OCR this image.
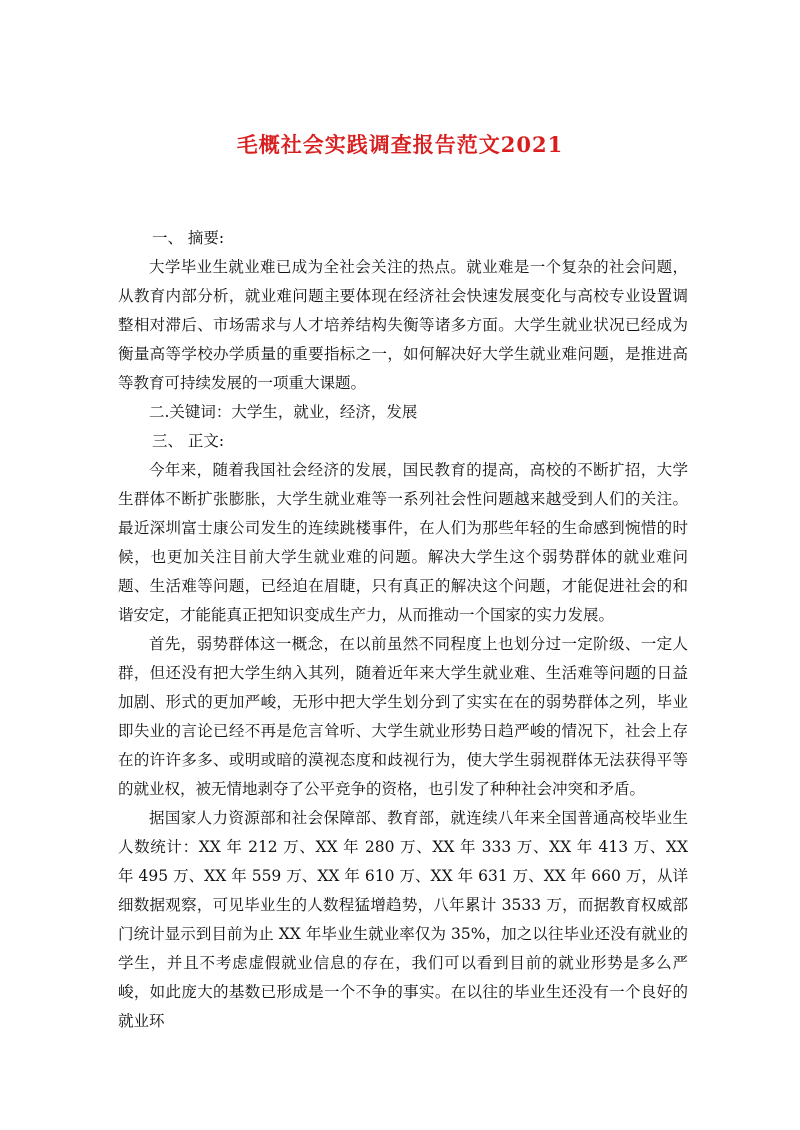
毛概社会实践调查报告范文2021

一、 摘要:

大学毕业生就业难已成为全社会关注的热点。就业难是一个复杂的社会问题，从教育内部分析，就业难问题主要体现在经济社会快速发展变化与高校专业设置调整相对滞后、市场需求与人才培养结构失衡等诸多方面。大学生就业状况已经成为衡量高等学校办学质量的重要指标之一，如何解决好大学生就业难问题，是推进高等教育可持续发展的一项重大课题。

二.关键词：大学生，就业，经济，发展

三、 正文:

今年来，随着我国社会经济的发展，国民教育的提高，高校的不断扩招，大学生群体不断扩张膨胀，大学生就业难等一系列社会性问题越来越受到人们的关注。最近深圳富士康公司发生的连续跳楼事件，在人们为那些年轻的生命感到惋惜的时候，也更加关注目前大学生就业难的问题。解决大学生这个弱势群体的就业难问题、生活难等问题，已经迫在眉睫，只有真正的解决这个问题，才能促进社会的和谐安定，才能能真正把知识变成生产力，从而推动一个国家的实力发展。

首先，弱势群体这一概念，在以前虽然不同程度上也划分过一定阶级、一定人群，但还没有把大学生纳入其列，随着近年来大学生就业难、生活难等问题的日益加剧、形式的更加严峻，无形中把大学生划分到了实实在在的弱势群体之列，毕业即失业的言论已经不再是危言耸听、大学生就业形势日趋严峻的情况下，社会上存在的许许多多、或明或暗的漠视态度和歧视行为，使大学生弱视群体无法获得平等的就业权，被无情地剥夺了公平竞争的资格，也引发了种种社会冲突和矛盾。

据国家人力资源部和社会保障部、教育部，就连续八年来全国普通高校毕业生人数统计：XX 年 212 万、XX 年 280 万、XX 年 333 万、XX 年 413 万、XX 年 495 万、XX 年 559 万、XX 年 610 万、XX 年 631 万、XX 年 660 万，从详细数据观察，可见毕业生的人数程猛增趋势，八年累计 3533 万，而据教育权威部门统计显示到目前为止 XX 年毕业生就业率仅为 35%，加之以往毕业还没有就业的学生，并且不考虑虚假就业信息的存在，我们可以看到目前的就业形势是多么严峻，如此庞大的基数已形成是一个不争的事实。在以往的毕业生还没有一个良好的就业环
